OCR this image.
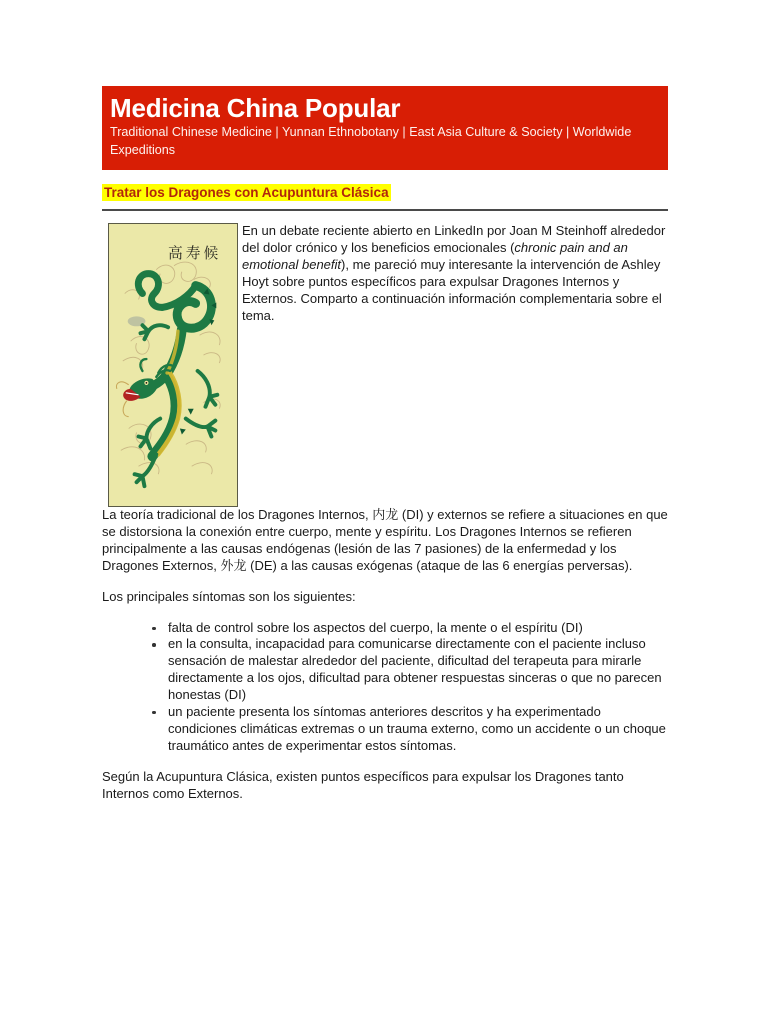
Medicina China Popular
Traditional Chinese Medicine | Yunnan Ethnobotany | East Asia Culture & Society | Worldwide Expeditions
Tratar los Dragones con Acupuntura Clásica
高 寿 候

En un debate reciente abierto en LinkedIn por Joan M Steinhoff alrededor del dolor crónico y los beneficios emocionales (chronic pain and an emotional benefit), me pareció muy interesante la intervención de Ashley Hoyt sobre puntos específicos para expulsar Dragones Internos y Externos. Comparto a continuación información complementaria sobre el tema.

La teoría tradicional de los Dragones Internos, 内龙 (DI) y externos se refiere a situaciones en que se distorsiona la conexión entre cuerpo, mente y espíritu. Los Dragones Internos se refieren principalmente a las causas endógenas (lesión de las 7 pasiones) de la enfermedad y los Dragones Externos, 外龙 (DE) a las causas exógenas (ataque de las 6 energías perversas).

Los principales síntomas son los siguientes:

falta de control sobre los aspectos del cuerpo, la mente o el espíritu (DI)
en la consulta, incapacidad para comunicarse directamente con el paciente incluso sensación de malestar alrededor del paciente, dificultad del terapeuta para mirarle directamente a los ojos, dificultad para obtener respuestas sinceras o que no parecen honestas (DI)
un paciente presenta los síntomas anteriores descritos y ha experimentado condiciones climáticas extremas o un trauma externo, como un accidente o un choque traumático antes de experimentar estos síntomas.

Según la Acupuntura Clásica, existen puntos específicos para expulsar los Dragones tanto Internos como Externos.
